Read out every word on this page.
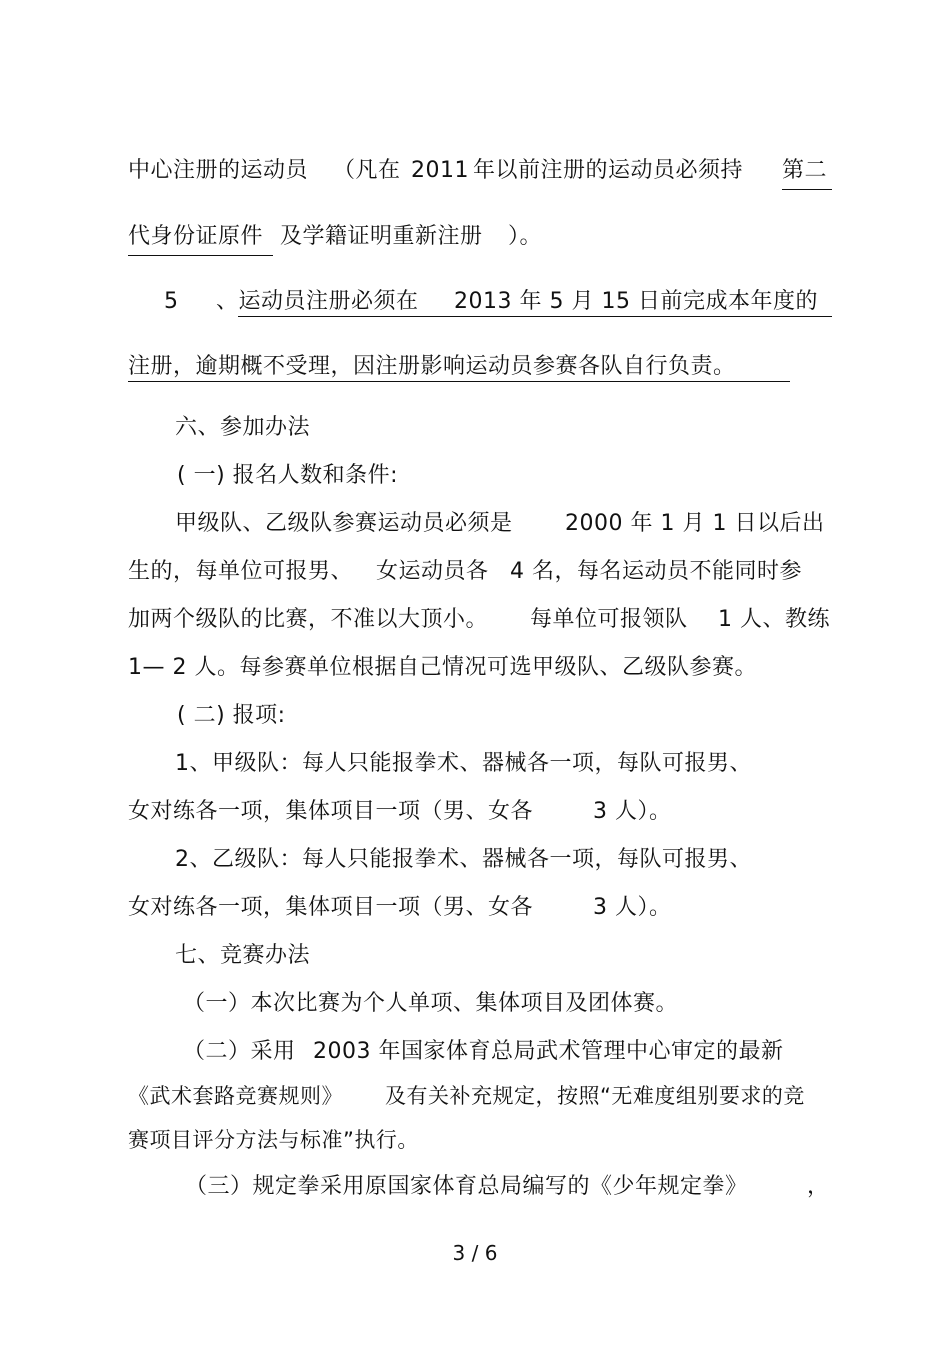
中心注册的运动员 （凡在 2011 年以前注册的运动员必须持 第二
代身份证原件 及学籍证明重新注册 ）。
5 、运动员注册必须在 2013 年 5 月 15 日前完成本年度的
注册，逾期概不受理，因注册影响运动员参赛各队自行负责。
六、参加办法
( 一) 报名人数和条件:
甲级队、乙级队参赛运动员必须是 2000 年 1 月 1 日以后出
生的，每单位可报男、 女运动员各 4 名，每名运动员不能同时参
加两个级队的比赛，不准以大顶小。 每单位可报领队 1 人、教练
1— 2 人。每参赛单位根据自己情况可选甲级队、乙级队参赛。
( 二) 报项:
1、甲级队：每人只能报拳术、器械各一项，每队可报男、
女对练各一项，集体项目一项（男、女各	3 人）。
2、乙级队：每人只能报拳术、器械各一项，每队可报男、
女对练各一项，集体项目一项（男、女各	3 人）。
七、竞赛办法
（一）本次比赛为个人单项、集体项目及团体赛。
（二）采用 2003 年国家体育总局武术管理中心审定的最新
《武术套路竞赛规则》 及有关补充规定，按照“无难度组别要求的竞
赛项目评分方法与标准”执行。
（三）规定拳采用原国家体育总局编写的《少年规定拳》	，
3 / 6
